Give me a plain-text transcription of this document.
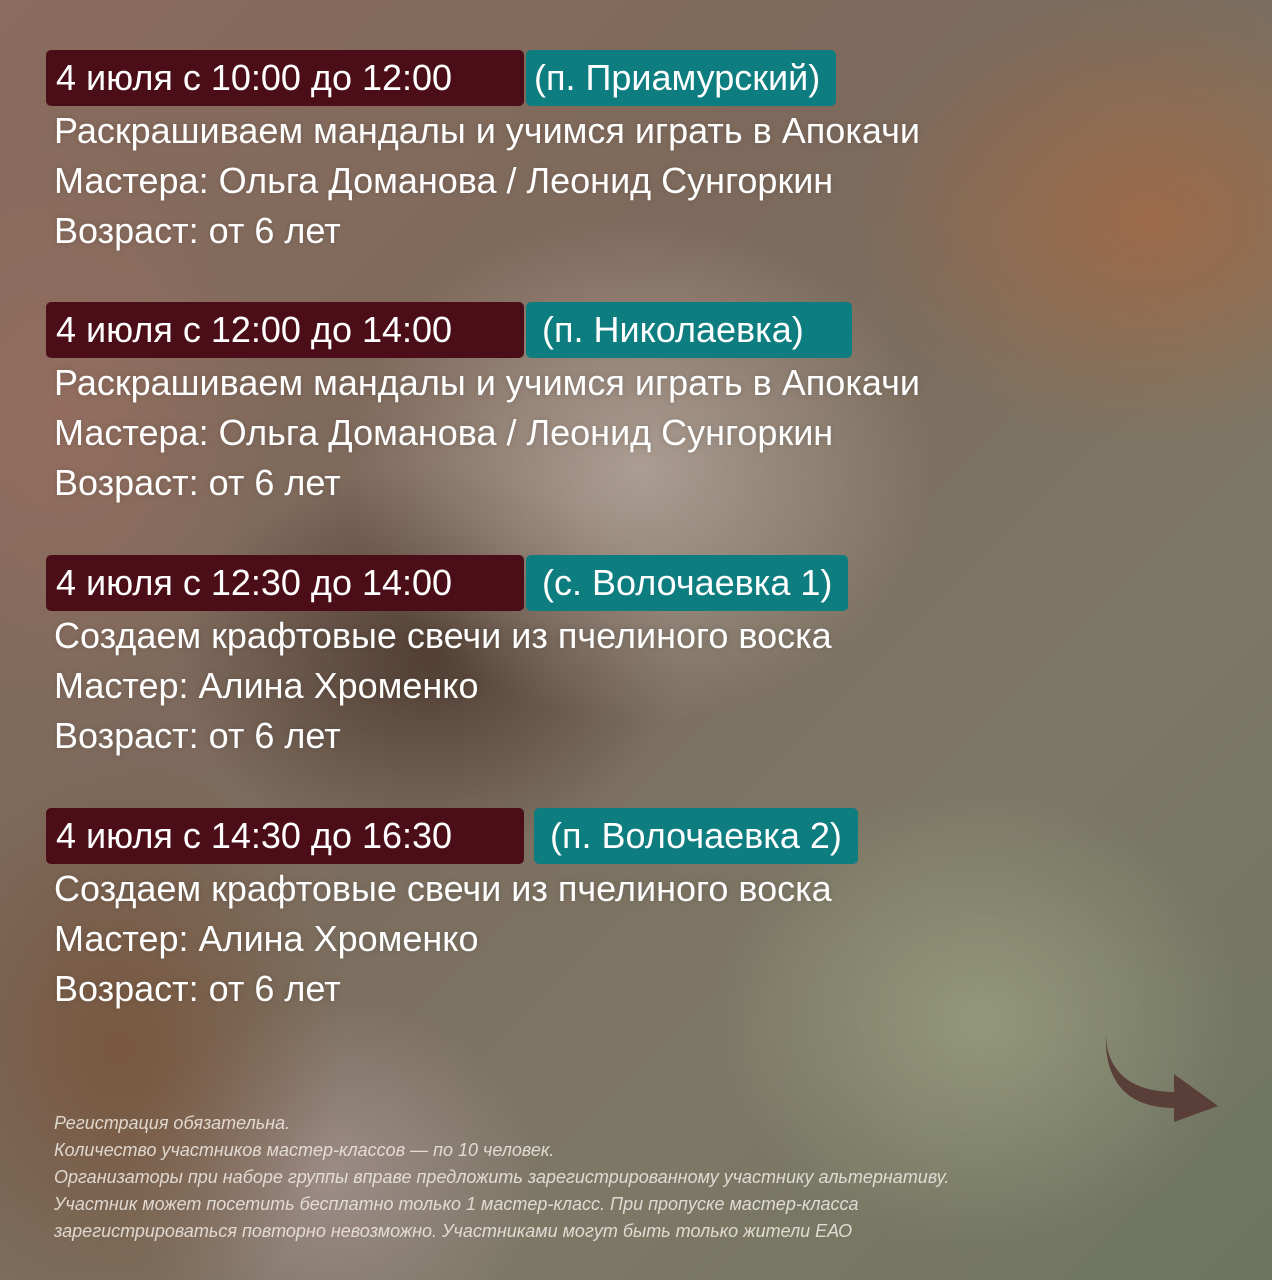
4 июля с 10:00 до 12:00	(п. Приамурский)
Раскрашиваем мандалы и учимся играть в Апокачи
Мастера: Ольга Доманова / Леонид Сунгоркин
Возраст: от 6 лет
4 июля с 12:00 до 14:00	(п. Николаевка)
Раскрашиваем мандалы и учимся играть в Апокачи
Мастера: Ольга Доманова / Леонид Сунгоркин
Возраст: от 6 лет
4 июля с 12:30 до 14:00	(с. Волочаевка 1)
Создаем крафтовые свечи из пчелиного воска
Мастер: Алина Хроменко
Возраст: от 6 лет
4 июля с 14:30 до 16:30	(п. Волочаевка 2)
Создаем крафтовые свечи из пчелиного воска
Мастер: Алина Хроменко
Возраст: от 6 лет
Регистрация обязательна.
Количество участников мастер-классов — по 10 человек.
Организаторы при наборе группы вправе предложить зарегистрированному участнику альтернативу.
Участник может посетить бесплатно только 1 мастер-класс. При пропуске мастер-класса
зарегистрироваться повторно невозможно. Участниками могут быть только жители ЕАО
